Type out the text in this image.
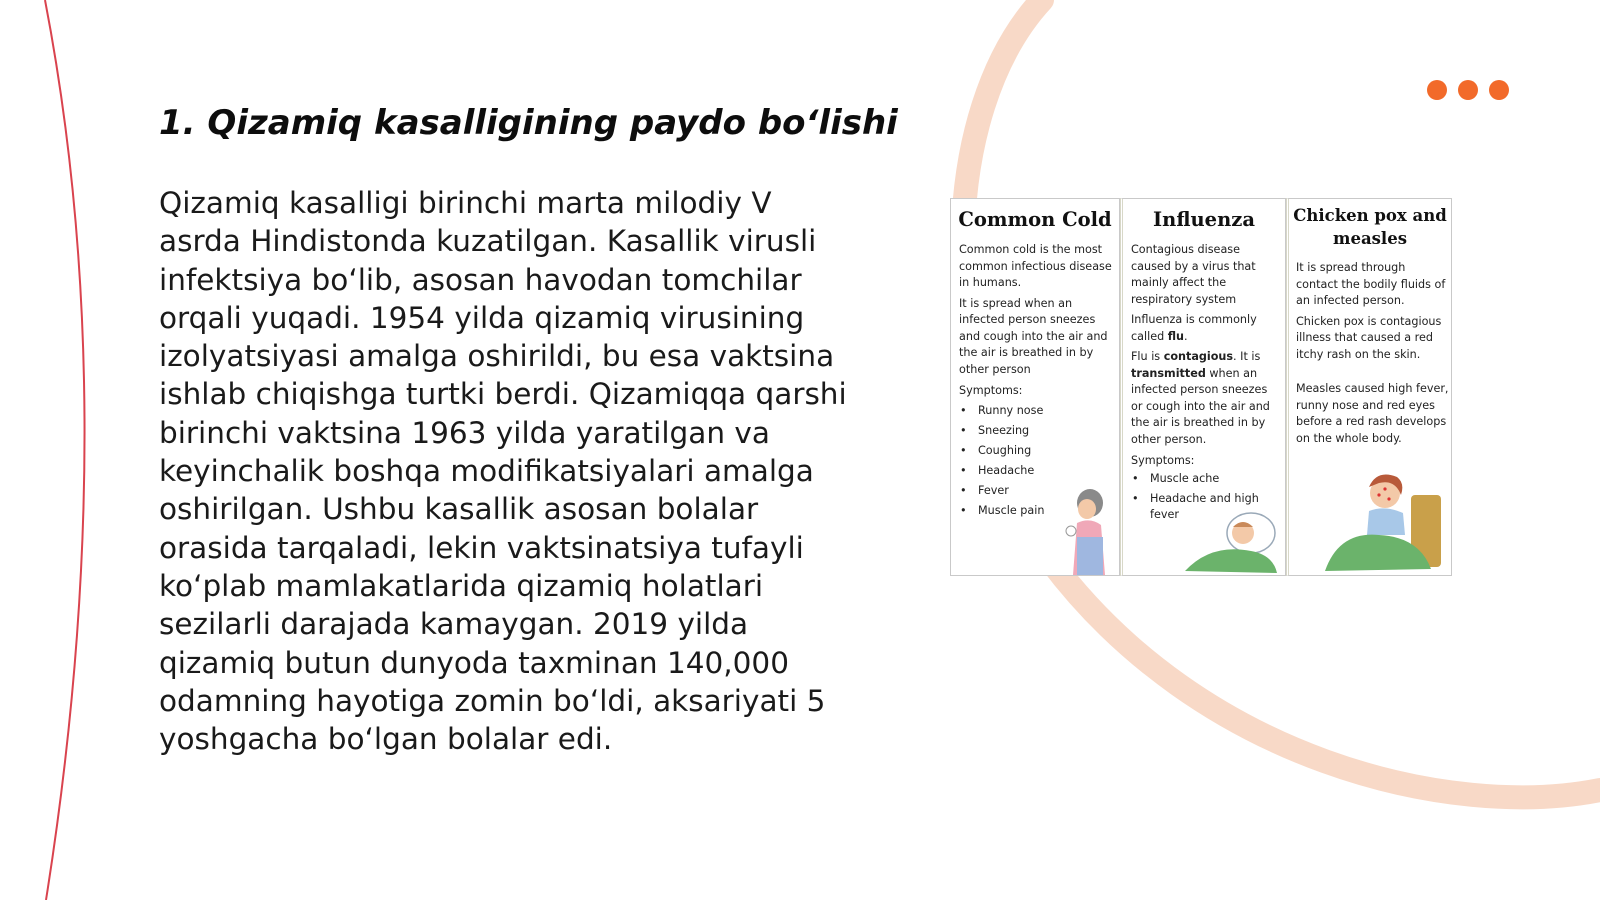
1. Qizamiq kasalligining paydo bo‘lishi

Qizamiq kasalligi birinchi marta milodiy V asrda Hindistonda kuzatilgan. Kasallik virusli infektsiya bo‘lib, asosan havodan tomchilar orqali yuqadi. 1954 yilda qizamiq virusining izolyatsiyasi amalga oshirildi, bu esa vaktsina ishlab chiqishga turtki berdi. Qizamiqqa qarshi birinchi vaktsina 1963 yilda yaratilgan va keyinchalik boshqa modifikatsiyalari amalga oshirilgan. Ushbu kasallik asosan bolalar orasida tarqaladi, lekin vaktsinatsiya tufayli ko‘plab mamlakatlarida qizamiq holatlari sezilarli darajada kamaygan. 2019 yilda qizamiq butun dunyoda taxminan 140,000 odamning hayotiga zomin bo‘ldi, aksariyati 5 yoshgacha bo‘lgan bolalar edi.

Common Cold

Common cold is the most common infectious disease in humans.

It is spread when an infected person sneezes and cough into the air and the air is breathed in by other person

Symptoms:
• Runny nose
• Sneezing
• Coughing
• Headache
• Fever
• Muscle pain
Influenza

Contagious disease caused by a virus that mainly affect the respiratory system

Influenza is commonly called flu.

Flu is contagious. It is transmitted when an infected person sneezes or cough into the air and the air is breathed in by other person.

Symptoms:
• Muscle ache
• Headache and high fever
Chicken pox and measles

It is spread through contact the bodily fluids of an infected person.

Chicken pox is contagious illness that caused a red itchy rash on the skin.

Measles caused high fever, runny nose and red eyes before a red rash develops on the whole body.
